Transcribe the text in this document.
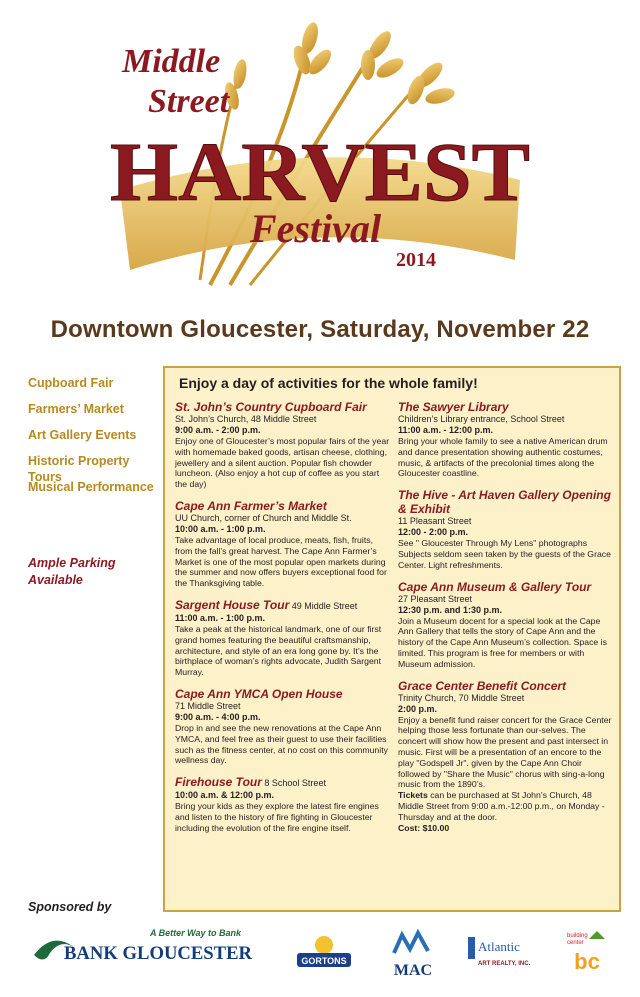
Middle
Street
HARVEST
Festival
2014
Downtown Gloucester, Saturday, November 22
Cupboard Fair
Farmers’ Market
Art Gallery Events
Historic Property Tours
Musical Performance
Ample Parking
Available
Enjoy a day of activities for the whole family!
St. John’s Country Cupboard Fair
St. John’s Church, 48 Middle Street
9:00 a.m. - 2:00 p.m.
Enjoy one of Gloucester’s most popular fairs of the year with homemade baked goods, artisan cheese, clothing, jewellery and a silent auction. Popular fish chowder luncheon. (Also enjoy a hot cup of coffee as you start the day)
Cape Ann Farmer’s Market
UU Church, corner of Church and Middle St.
10:00 a.m. - 1:00 p.m.
Take advantage of local produce, meats, fish, fruits, from the fall’s great harvest. The Cape Ann Farmer’s Market is one of the most popular open markets during the summer and now offers buyers exceptional food for the Thanksgiving table.
Sargent House Tour 49 Middle Street
11:00 a.m. - 1:00 p.m.
Take a peak at the historical landmark, one of our first grand homes featuring the beautiful craftsmanship, architecture, and style of an era long gone by. It’s the birthplace of woman’s rights advocate, Judith Sargent Murray.
Cape Ann YMCA Open House
71 Middle Street
9:00 a.m. - 4:00 p.m.
Drop in and see the new renovations at the Cape Ann YMCA, and feel free as their guest to use their facilities such as the fitness center, at no cost on this community wellness day.
Firehouse Tour 8 School Street
10:00 a.m. & 12:00 p.m.
Bring your kids as they explore the latest fire engines and listen to the history of fire fighting in Gloucester including the evolution of the fire engine itself.
The Sawyer Library
Children’s Library entrance, School Street
11:00 a.m. - 12:00 p.m.
Bring your whole family to see a native American drum and dance presentation showing authentic costumes, music, & artifacts of the precolonial times along the Gloucester coastline.
The Hive - Art Haven Gallery Opening & Exhibit
11 Pleasant Street
12:00 - 2:00 p.m.
See " Gloucester Through My Lens" photographs Subjects seldom seen taken by the guests of the Grace Center. Light refreshments.
Cape Ann Museum & Gallery Tour
27 Pleasant Street
12:30 p.m. and 1:30 p.m.
Join a Museum docent for a special look at the Cape Ann Gallery that tells the story of Cape Ann and the history of the Cape Ann Museum’s collection. Space is limited. This program is free for members or with Museum admission.
Grace Center Benefit Concert
Trinity Church, 70 Middle Street
2:00 p.m.
Enjoy a benefit fund raiser concert for the Grace Center helping those less fortunate than our-selves. The concert will show how the present and past intersect in music. First will be a presentation of an encore to the play "Godspell Jr". given by the Cape Ann Choir followed by "Share the Music" chorus with sing-a-long music from the 1890’s.
Tickets can be purchased at St John’s Church, 48 Middle Street from 9:00 a.m.-12:00 p.m., on Monday - Thursday and at the door.
Cost: $10.00
Sponsored by
A Better Way to Bank
BANK GLOUCESTER	GORTONS
MAC
Atlantic
ART REALTY, INC.
building
center
bc
